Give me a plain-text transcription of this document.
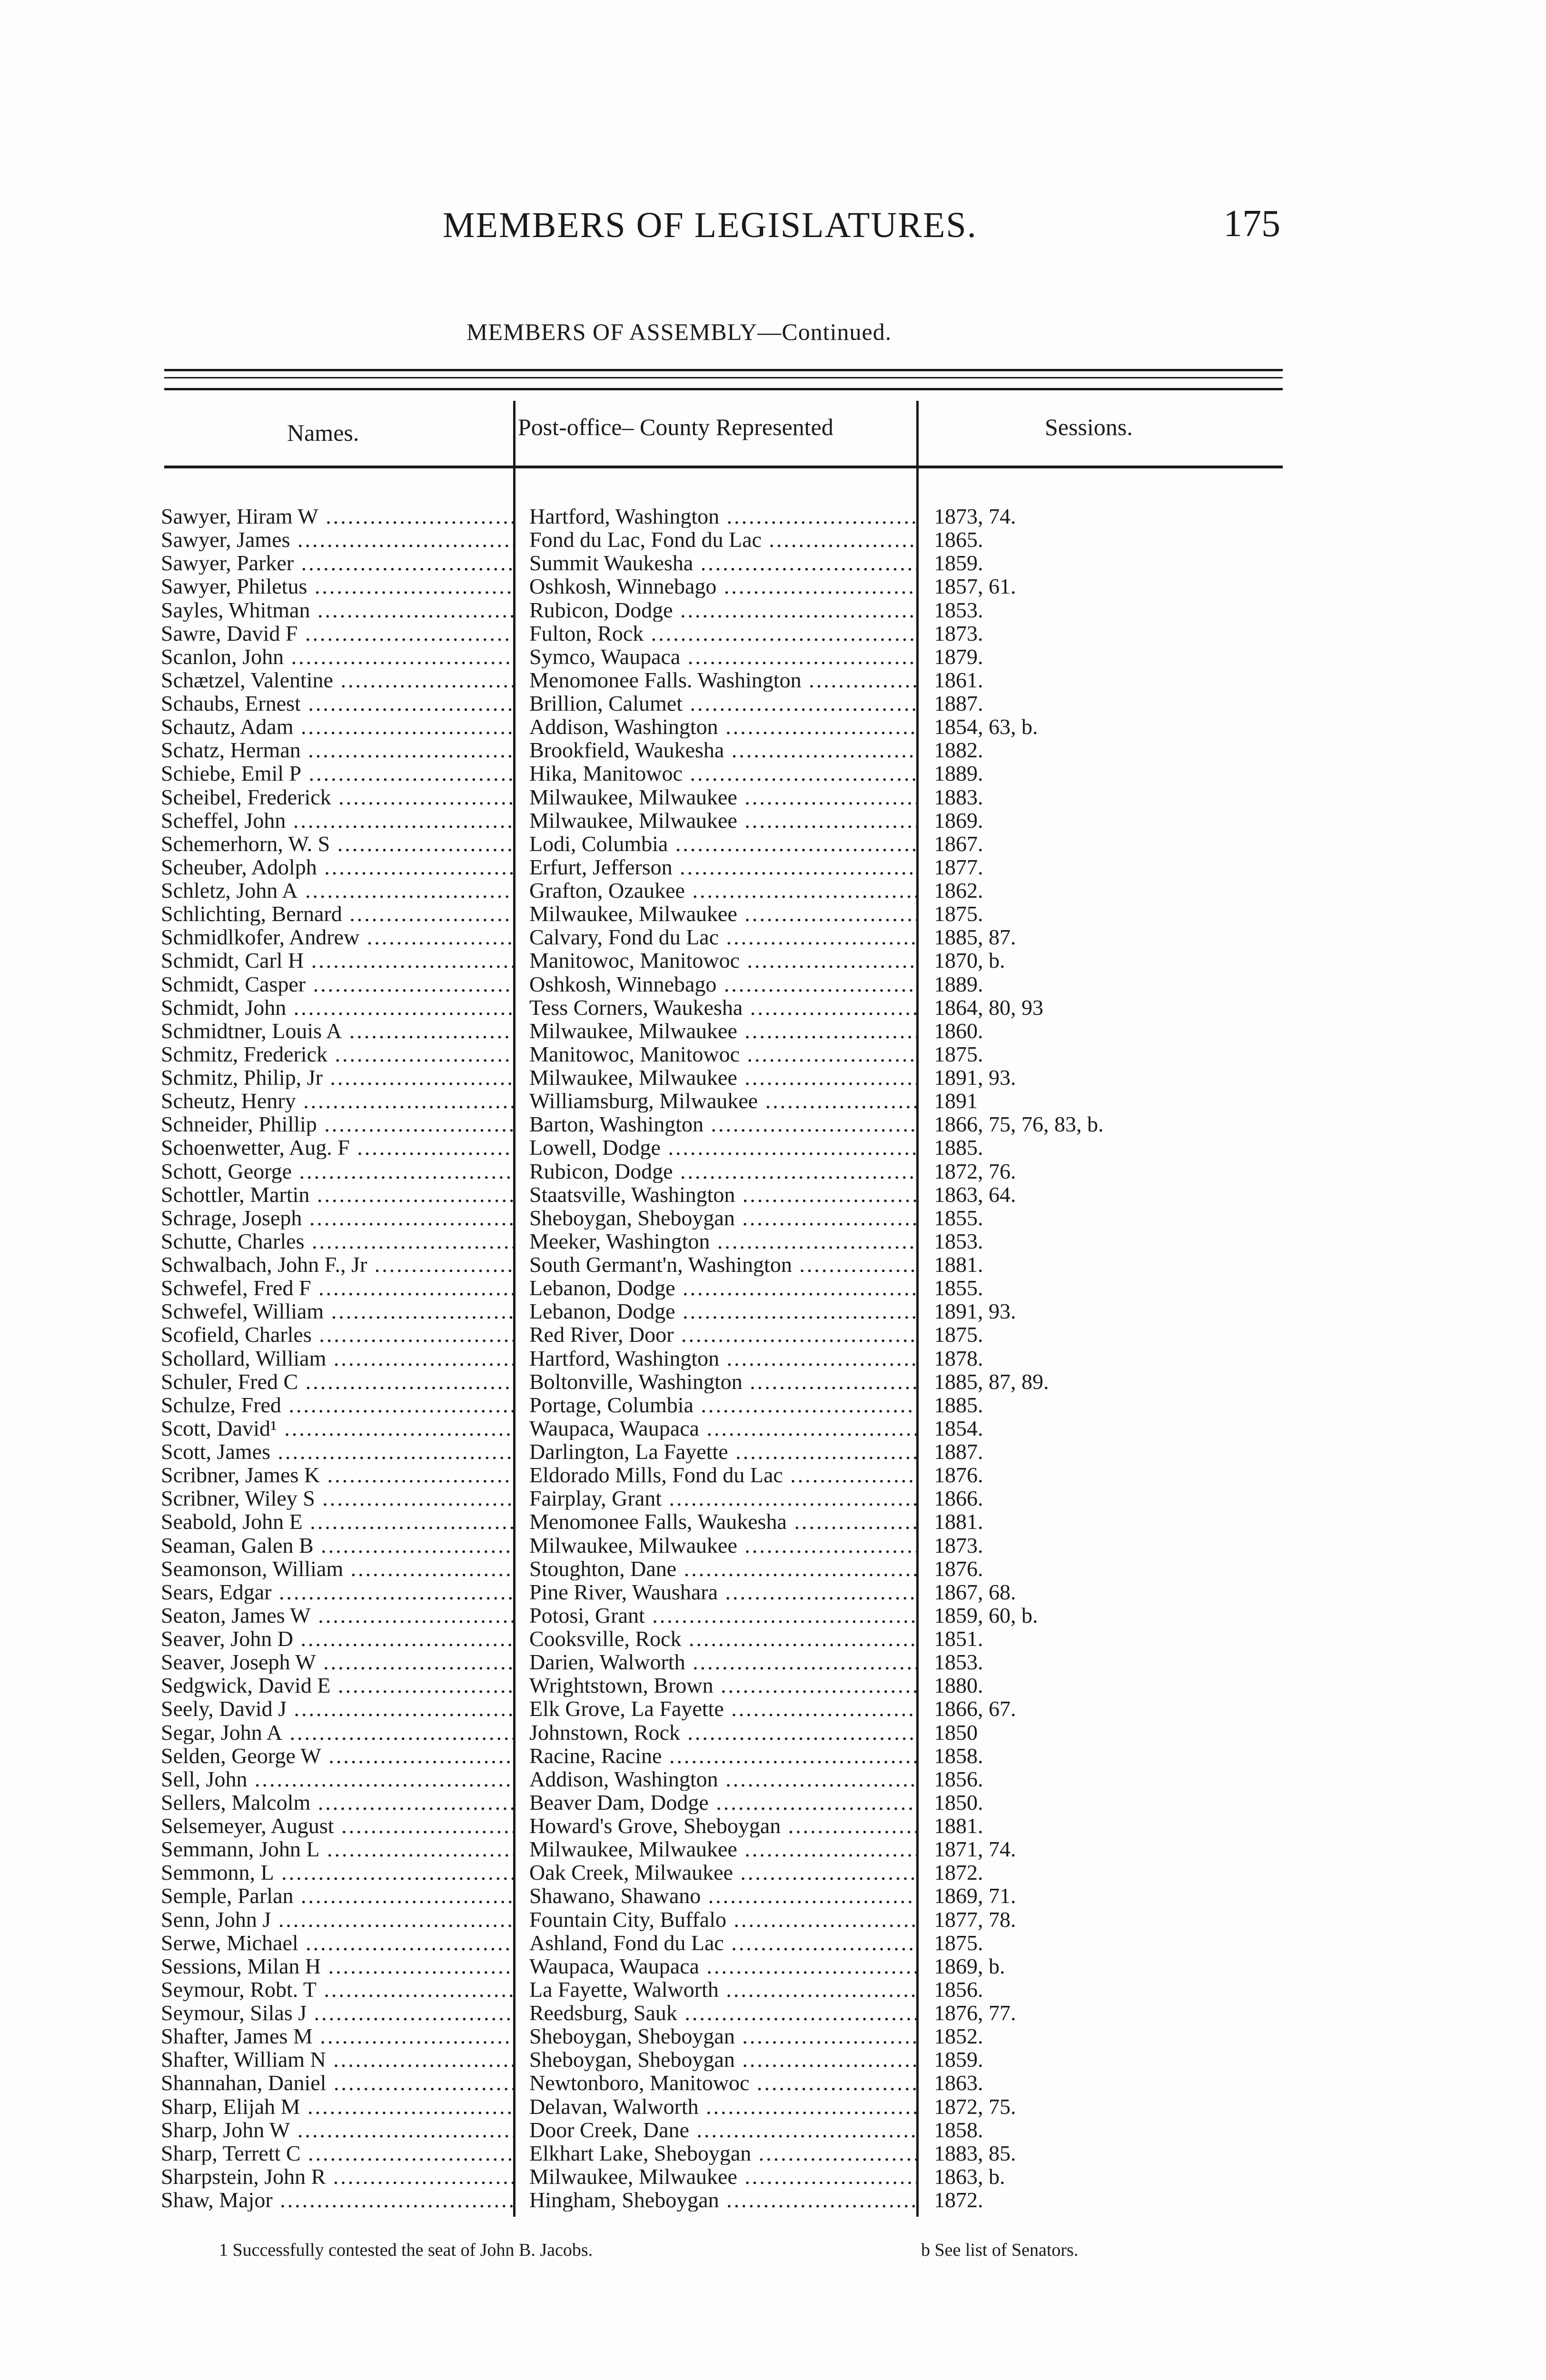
MEMBERS OF LEGISLATURES.	175
MEMBERS OF ASSEMBLY—Continued.
Names.	Post-office– County Represented	Sessions.
Sawyer, Hiram W .....	Hartford, Washington .....	1873, 74.
Sawyer, James .....	Fond du Lac, Fond du Lac .....	1865.
Sawyer, Parker .....	Summit Waukesha .....	1859.
Sawyer, Philetus .....	Oshkosh, Winnebago .....	1857, 61.
Sayles, Whitman .....	Rubicon, Dodge .....	1853.
Sawre, David F .....	Fulton, Rock .....	1873.
Scanlon, John .....	Symco, Waupaca .....	1879.
Schætzel, Valentine .....	Menomonee Falls. Washington .....	1861.
Schaubs, Ernest .....	Brillion, Calumet .....	1887.
Schautz, Adam .....	Addison, Washington .....	1854, 63, b.
Schatz, Herman .....	Brookfield, Waukesha .....	1882.
Schiebe, Emil P .....	Hika, Manitowoc .....	1889.
Scheibel, Frederick .....	Milwaukee, Milwaukee .....	1883.
Scheffel, John .....	Milwaukee, Milwaukee .....	1869.
Schemerhorn, W. S .....	Lodi, Columbia .....	1867.
Scheuber, Adolph .....	Erfurt, Jefferson .....	1877.
Schletz, John A .....	Grafton, Ozaukee .....	1862.
Schlichting, Bernard .....	Milwaukee, Milwaukee .....	1875.
Schmidlkofer, Andrew .....	Calvary, Fond du Lac .....	1885, 87.
Schmidt, Carl H .....	Manitowoc, Manitowoc .....	1870, b.
Schmidt, Casper .....	Oshkosh, Winnebago .....	1889.
Schmidt, John .....	Tess Corners, Waukesha .....	1864, 80, 93
Schmidtner, Louis A .....	Milwaukee, Milwaukee .....	1860.
Schmitz, Frederick .....	Manitowoc, Manitowoc .....	1875.
Schmitz, Philip, Jr .....	Milwaukee, Milwaukee .....	1891, 93.
Scheutz, Henry .....	Williamsburg, Milwaukee .....	1891
Schneider, Phillip .....	Barton, Washington .....	1866, 75, 76, 83, b.
Schoenwetter, Aug. F .....	Lowell, Dodge .....	1885.
Schott, George .....	Rubicon, Dodge .....	1872, 76.
Schottler, Martin .....	Staatsville, Washington .....	1863, 64.
Schrage, Joseph .....	Sheboygan, Sheboygan .....	1855.
Schutte, Charles .....	Meeker, Washington .....	1853.
Schwalbach, John F., Jr .....	South Germant'n, Washington .....	1881.
Schwefel, Fred F .....	Lebanon, Dodge .....	1855.
Schwefel, William .....	Lebanon, Dodge .....	1891, 93.
Scofield, Charles .....	Red River, Door .....	1875.
Schollard, William .....	Hartford, Washington .....	1878.
Schuler, Fred C .....	Boltonville, Washington .....	1885, 87, 89.
Schulze, Fred .....	Portage, Columbia .....	1885.
Scott, David¹ .....	Waupaca, Waupaca .....	1854.
Scott, James .....	Darlington, La Fayette .....	1887.
Scribner, James K .....	Eldorado Mills, Fond du Lac .....	1876.
Scribner, Wiley S .....	Fairplay, Grant .....	1866.
Seabold, John E .....	Menomonee Falls, Waukesha .....	1881.
Seaman, Galen B .....	Milwaukee, Milwaukee .....	1873.
Seamonson, William .....	Stoughton, Dane .....	1876.
Sears, Edgar .....	Pine River, Waushara .....	1867, 68.
Seaton, James W .....	Potosi, Grant .....	1859, 60, b.
Seaver, John D .....	Cooksville, Rock .....	1851.
Seaver, Joseph W .....	Darien, Walworth .....	1853.
Sedgwick, David E .....	Wrightstown, Brown .....	1880.
Seely, David J .....	Elk Grove, La Fayette .....	1866, 67.
Segar, John A .....	Johnstown, Rock .....	1850
Selden, George W .....	Racine, Racine .....	1858.
Sell, John .....	Addison, Washington .....	1856.
Sellers, Malcolm .....	Beaver Dam, Dodge .....	1850.
Selsemeyer, August .....	Howard's Grove, Sheboygan .....	1881.
Semmann, John L .....	Milwaukee, Milwaukee .....	1871, 74.
Semmonn, L .....	Oak Creek, Milwaukee .....	1872.
Semple, Parlan .....	Shawano, Shawano .....	1869, 71.
Senn, John J .....	Fountain City, Buffalo .....	1877, 78.
Serwe, Michael .....	Ashland, Fond du Lac .....	1875.
Sessions, Milan H .....	Waupaca, Waupaca .....	1869, b.
Seymour, Robt. T .....	La Fayette, Walworth .....	1856.
Seymour, Silas J .....	Reedsburg, Sauk .....	1876, 77.
Shafter, James M .....	Sheboygan, Sheboygan .....	1852.
Shafter, William N .....	Sheboygan, Sheboygan .....	1859.
Shannahan, Daniel .....	Newtonboro, Manitowoc .....	1863.
Sharp, Elijah M .....	Delavan, Walworth .....	1872, 75.
Sharp, John W .....	Door Creek, Dane .....	1858.
Sharp, Terrett C .....	Elkhart Lake, Sheboygan .....	1883, 85.
Sharpstein, John R .....	Milwaukee, Milwaukee .....	1863, b.
Shaw, Major .....	Hingham, Sheboygan .....	1872.
1 Successfully contested the seat of John B. Jacobs.	b See list of Senators.
